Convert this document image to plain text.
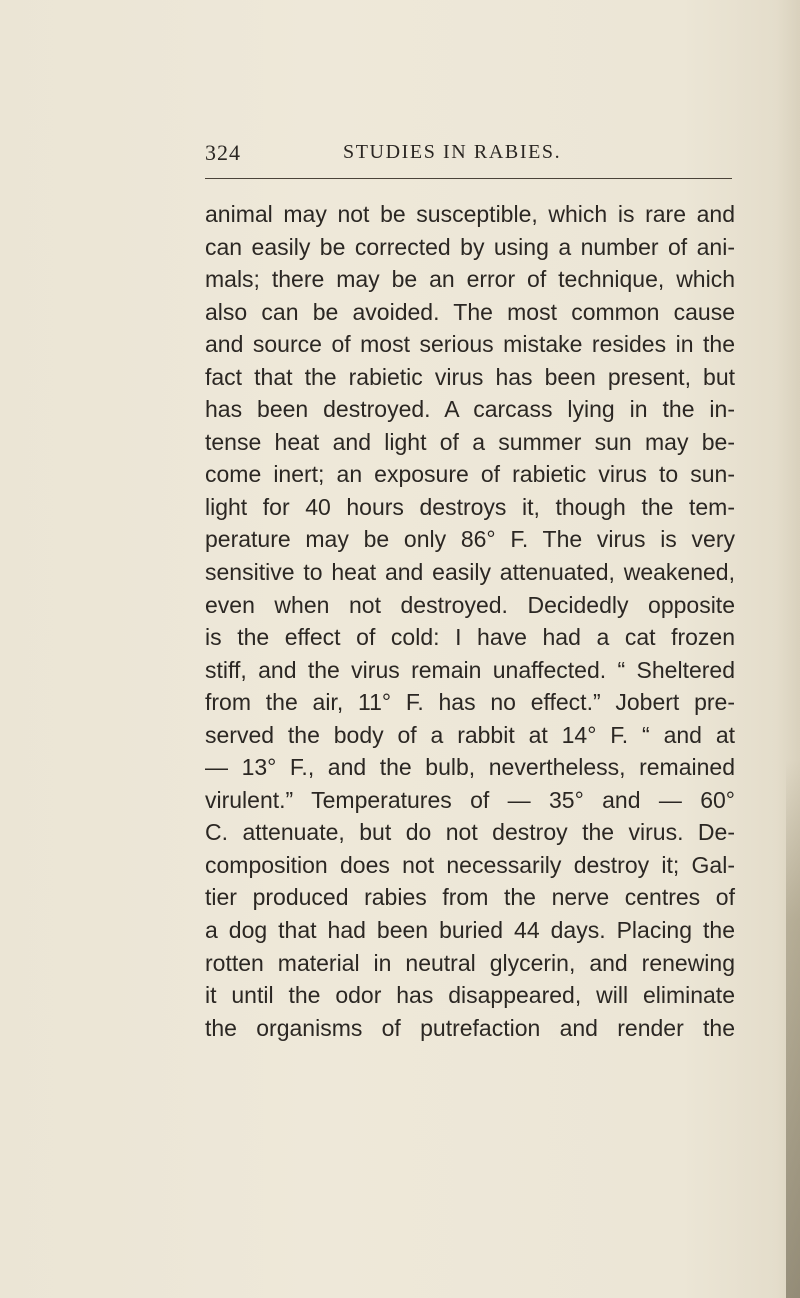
324	STUDIES IN RABIES.
animal may not be susceptible, which is rare and
can easily be corrected by using a number of ani-
mals; there may be an error of technique, which
also can be avoided. The most common cause
and source of most serious mistake resides in the
fact that the rabietic virus has been present, but
has been destroyed. A carcass lying in the in-
tense heat and light of a summer sun may be-
come inert; an exposure of rabietic virus to sun-
light for 40 hours destroys it, though the tem-
perature may be only 86° F. The virus is very
sensitive to heat and easily attenuated, weakened,
even when not destroyed. Decidedly opposite
is the effect of cold: I have had a cat frozen
stiff, and the virus remain unaffected. “ Sheltered
from the air, 11° F. has no effect.” Jobert pre-
served the body of a rabbit at 14° F. “ and at
— 13° F., and the bulb, nevertheless, remained
virulent.” Temperatures of — 35° and — 60°
C. attenuate, but do not destroy the virus. De-
composition does not necessarily destroy it; Gal-
tier produced rabies from the nerve centres of
a dog that had been buried 44 days. Placing the
rotten material in neutral glycerin, and renewing
it until the odor has disappeared, will eliminate
the organisms of putrefaction and render the
